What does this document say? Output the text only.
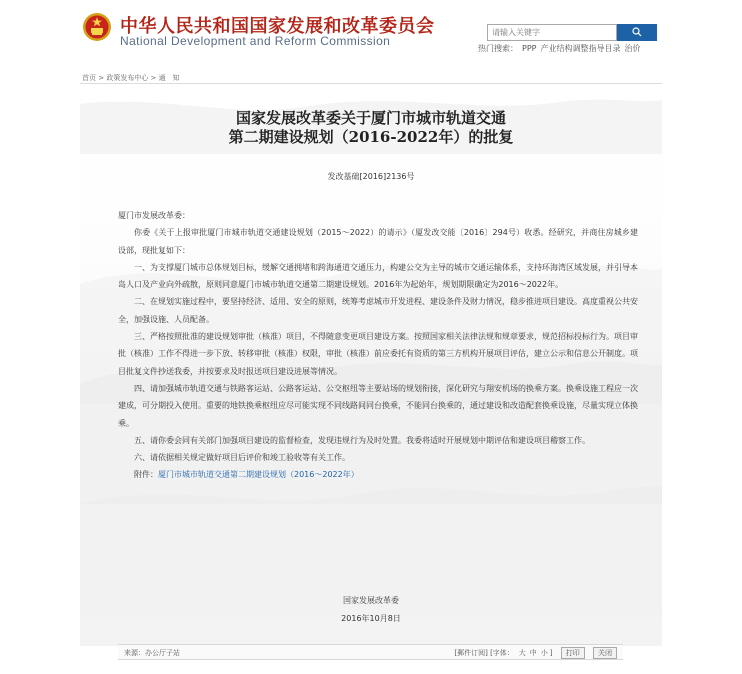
中华人民共和国国家发展和改革委员会
National Development and Reform Commission
请输入关键字
热门搜索： PPP 产业结构调整指导目录 治价
首页 > 政策发布中心 > 通　知
国家发展改革委关于厦门市城市轨道交通
第二期建设规划（2016-2022年）的批复
发改基础[2016]2136号

厦门市发展改革委：

你委《关于上报审批厦门市城市轨道交通建设规划（2015～2022）的请示》（厦发改交能〔2016〕294号）收悉。经研究，并商住房城乡建设部，现批复如下：

一、为支撑厦门城市总体规划目标，缓解交通拥堵和跨海通道交通压力，构建公交为主导的城市交通运输体系，支持环海湾区域发展，并引导本岛人口及产业向外疏散，原则同意厦门市城市轨道交通第二期建设规划。2016年为起始年，规划期限确定为2016～2022年。

二、在规划实施过程中，要坚持经济、适用、安全的原则，统筹考虑城市开发进程、建设条件及财力情况，稳步推进项目建设。高度重视公共安全，加强设施、人员配备。

三、严格按照批准的建设规划审批（核准）项目，不得随意变更项目建设方案。按照国家相关法律法规和规章要求，规范招标投标行为。项目审批（核准）工作不得进一步下放、转移审批（核准）权限，审批（核准）前应委托有资质的第三方机构开展项目评估，建立公示和信息公开制度。项目批复文件抄送我委，并按要求及时报送项目建设进展等情况。

四、请加强城市轨道交通与铁路客运站、公路客运站、公交枢纽等主要站场的规划衔接，深化研究与翔安机场的换乘方案。换乘设施工程应一次建成，可分期投入使用。重要的地铁换乘枢纽应尽可能实现不同线路间同台换乘，不能同台换乘的，通过建设和改造配套换乘设施，尽量实现立体换乘。

五、请你委会同有关部门加强项目建设的监督检查，发现违规行为及时处置。我委将适时开展规划中期评估和建设项目稽察工作。

六、请依据相关规定做好项目后评价和竣工验收等有关工作。

附件：厦门市城市轨道交通第二期建设规划（2016～2022年）

国家发展改革委
2016年10月8日
来源：办公厅子站	[郵件订阅] [字体： 大 中 小 ] 打印	关闭
